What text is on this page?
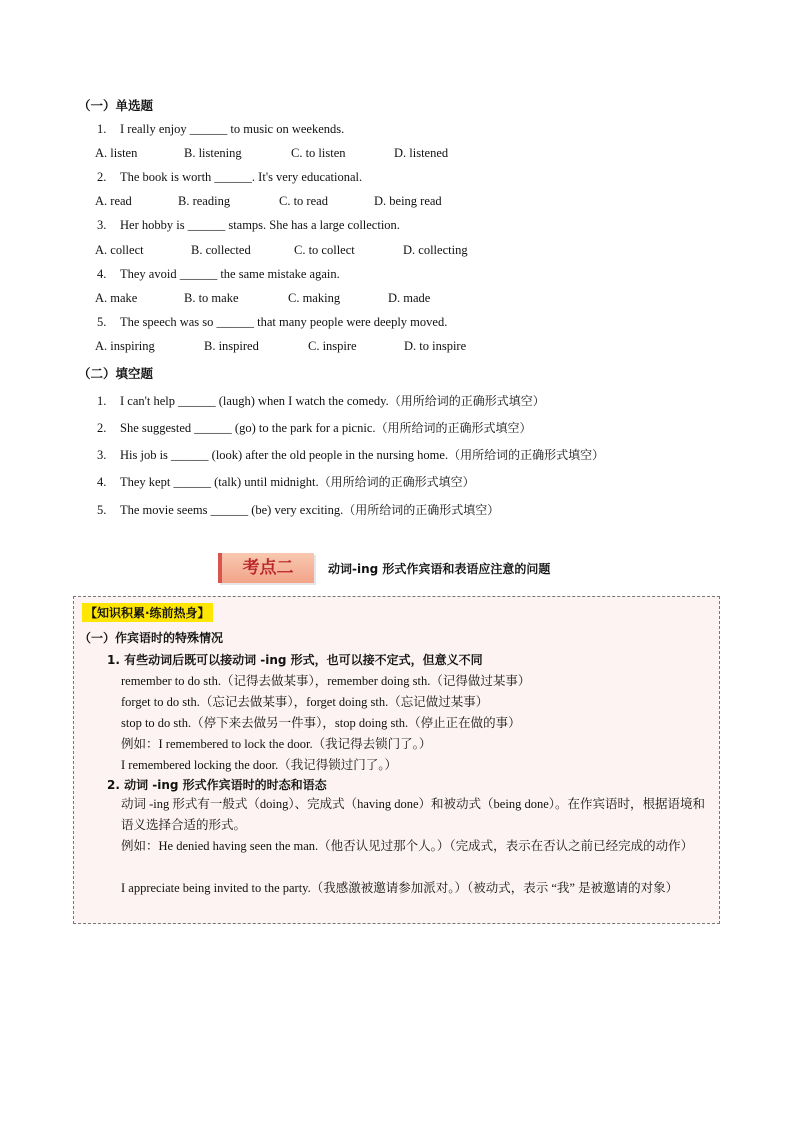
（一）单选题
1. I really enjoy ______ to music on weekends.
A. listen	B. listening	C. to listen	D. listened
2. The book is worth ______. It's very educational.
A. read	B. reading	C. to read	D. being read
3. Her hobby is ______ stamps. She has a large collection.
A. collect	B. collected	C. to collect	D. collecting
4. They avoid ______ the same mistake again.
A. make	B. to make	C. making	D. made
5. The speech was so ______ that many people were deeply moved.
A. inspiring	B. inspired	C. inspire	D. to inspire
（二）填空题
1. I can't help ______ (laugh) when I watch the comedy.（用所给词的正确形式填空）
2. She suggested ______ (go) to the park for a picnic.（用所给词的正确形式填空）
3. His job is ______ (look) after the old people in the nursing home.（用所给词的正确形式填空）
4. They kept ______ (talk) until midnight.（用所给词的正确形式填空）
5. The movie seems ______ (be) very exciting.（用所给词的正确形式填空）
考点二	动词-ing 形式作宾语和表语应注意的问题
【知识积累·练前热身】
（一）作宾语时的特殊情况
1. 有些动词后既可以接动词 -ing 形式，也可以接不定式，但意义不同
remember to do sth.（记得去做某事），remember doing sth.（记得做过某事）
forget to do sth.（忘记去做某事），forget doing sth.（忘记做过某事）
stop to do sth.（停下来去做另一件事），stop doing sth.（停止正在做的事）
例如：I remembered to lock the door.（我记得去锁门了。）
I remembered locking the door.（我记得锁过门了。）
2. 动词 -ing 形式作宾语时的时态和语态
动词 -ing 形式有一般式（doing）、完成式（having done）和被动式（being done）。在作宾语时，根据语境和语义选择合适的形式。
例如：He denied having seen the man.（他否认见过那个人。）（完成式，表示在否认之前已经完成的动作）
I appreciate being invited to the party.（我感激被邀请参加派对。）（被动式，表示 “我” 是被邀请的对象）
